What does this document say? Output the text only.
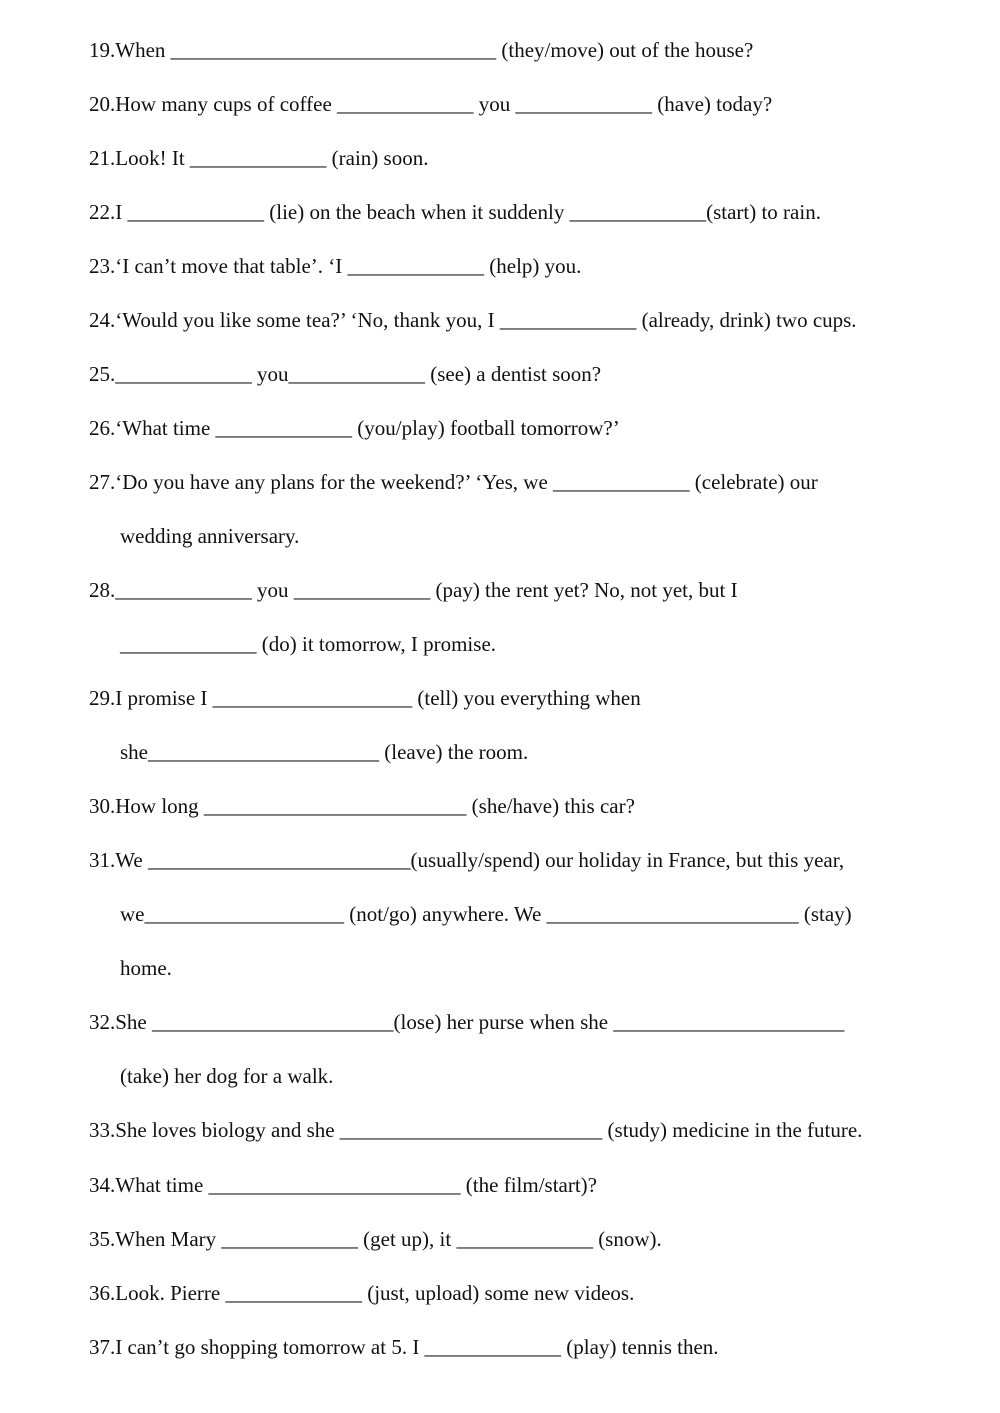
19.When _______________________________ (they/move) out of the house?
20.How many cups of coffee _____________ you _____________ (have) today?
21.Look! It _____________ (rain) soon.
22.I _____________ (lie) on the beach when it suddenly _____________(start) to rain.
23.‘I can’t move that table’. ‘I _____________ (help) you.
24.‘Would you like some tea?’ ‘No, thank you, I _____________ (already, drink) two cups.
25._____________ you_____________ (see) a dentist soon?
26.‘What time _____________ (you/play) football tomorrow?’
27.‘Do you have any plans for the weekend?’ ‘Yes, we _____________ (celebrate) our
wedding anniversary.
28._____________ you _____________ (pay) the rent yet? No, not yet, but I
_____________ (do) it tomorrow, I promise.
29.I promise I ___________________ (tell) you everything when
she______________________ (leave) the room.
30.How long _________________________ (she/have) this car?
31.We _________________________(usually/spend) our holiday in France, but this year,
we___________________ (not/go) anywhere. We ________________________ (stay)
home.
32.She _______________________(lose) her purse when she ______________________
(take) her dog for a walk.
33.She loves biology and she _________________________ (study) medicine in the future.
34.What time ________________________ (the film/start)?
35.When Mary _____________ (get up), it _____________ (snow).
36.Look. Pierre _____________ (just, upload) some new videos.
37.I can’t go shopping tomorrow at 5. I _____________ (play) tennis then.
